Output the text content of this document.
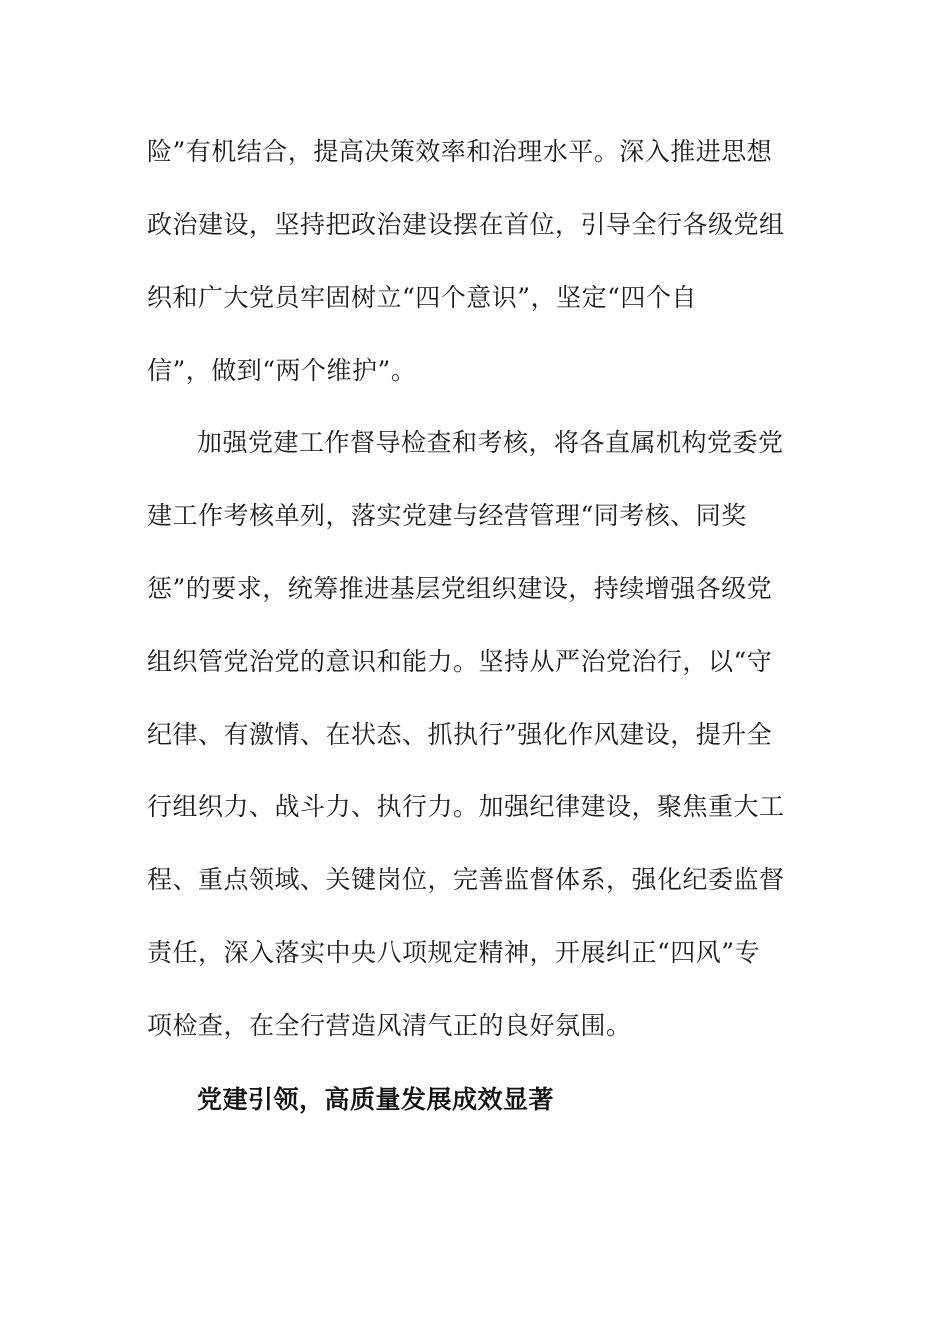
险”有机结合，提高决策效率和治理水平。深入推进思想
政治建设，坚持把政治建设摆在首位，引导全行各级党组
织和广大党员牢固树立“四个意识”，坚定“四个自
信”，做到“两个维护”。
加强党建工作督导检查和考核，将各直属机构党委党
建工作考核单列，落实党建与经营管理“同考核、同奖
惩”的要求，统筹推进基层党组织建设，持续增强各级党
组织管党治党的意识和能力。坚持从严治党治行，以“守
纪律、有激情、在状态、抓执行”强化作风建设，提升全
行组织力、战斗力、执行力。加强纪律建设，聚焦重大工
程、重点领域、关键岗位，完善监督体系，强化纪委监督
责任，深入落实中央八项规定精神，开展纠正“四风”专
项检查，在全行营造风清气正的良好氛围。
党建引领，高质量发展成效显著
